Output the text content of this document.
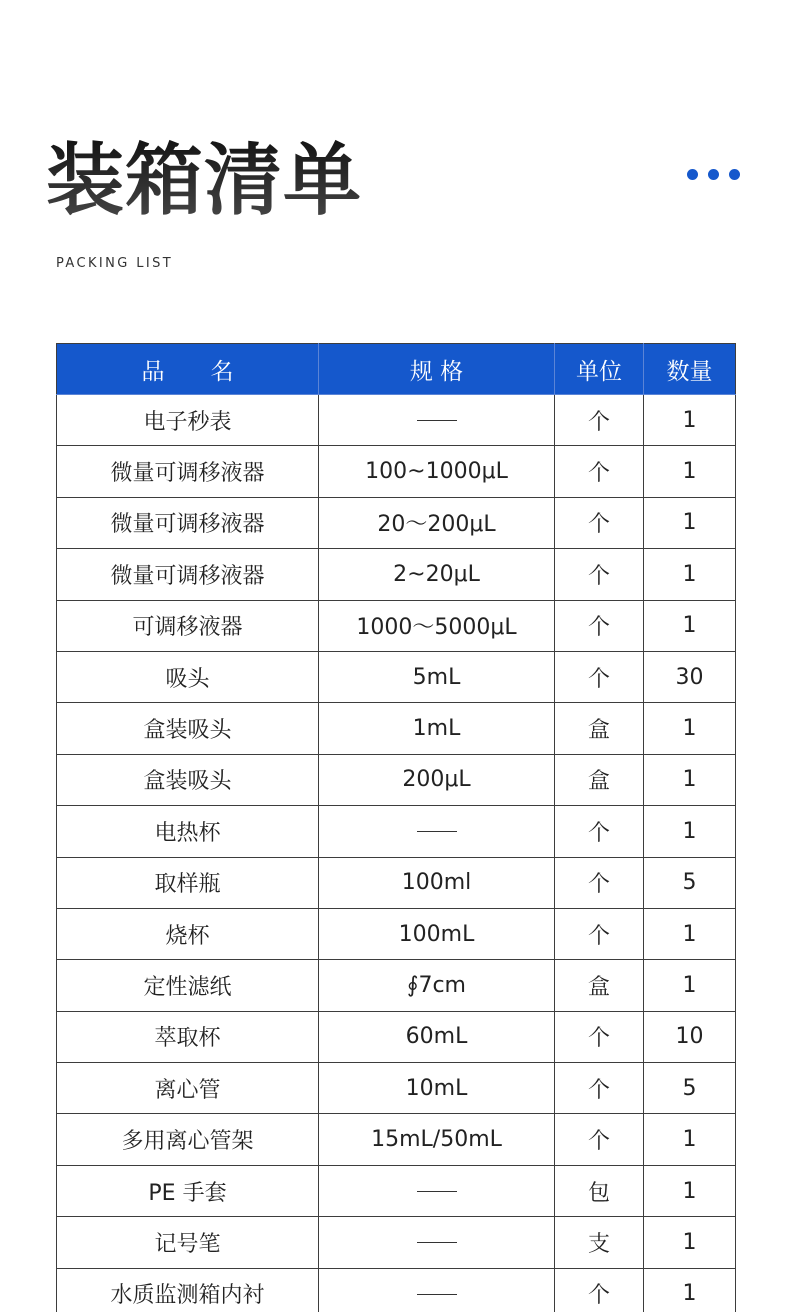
装箱清单
PACKING LIST
品　　名	规 格	单位	数量
电子秒表		个	1
微量可调移液器	100~1000μL	个	1
微量可调移液器	20～200μL	个	1
微量可调移液器	2~20μL	个	1
可调移液器	1000～5000μL	个	1
吸头	5mL	个	30
盒装吸头	1mL	盒	1
盒装吸头	200μL	盒	1
电热杯		个	1
取样瓶	100ml	个	5
烧杯	100mL	个	1
定性滤纸	∮7cm	盒	1
萃取杯	60mL	个	10
离心管	10mL	个	5
多用离心管架	15mL/50mL	个	1
PE 手套		包	1
记号笔		支	1
水质监测箱内衬		个	1
